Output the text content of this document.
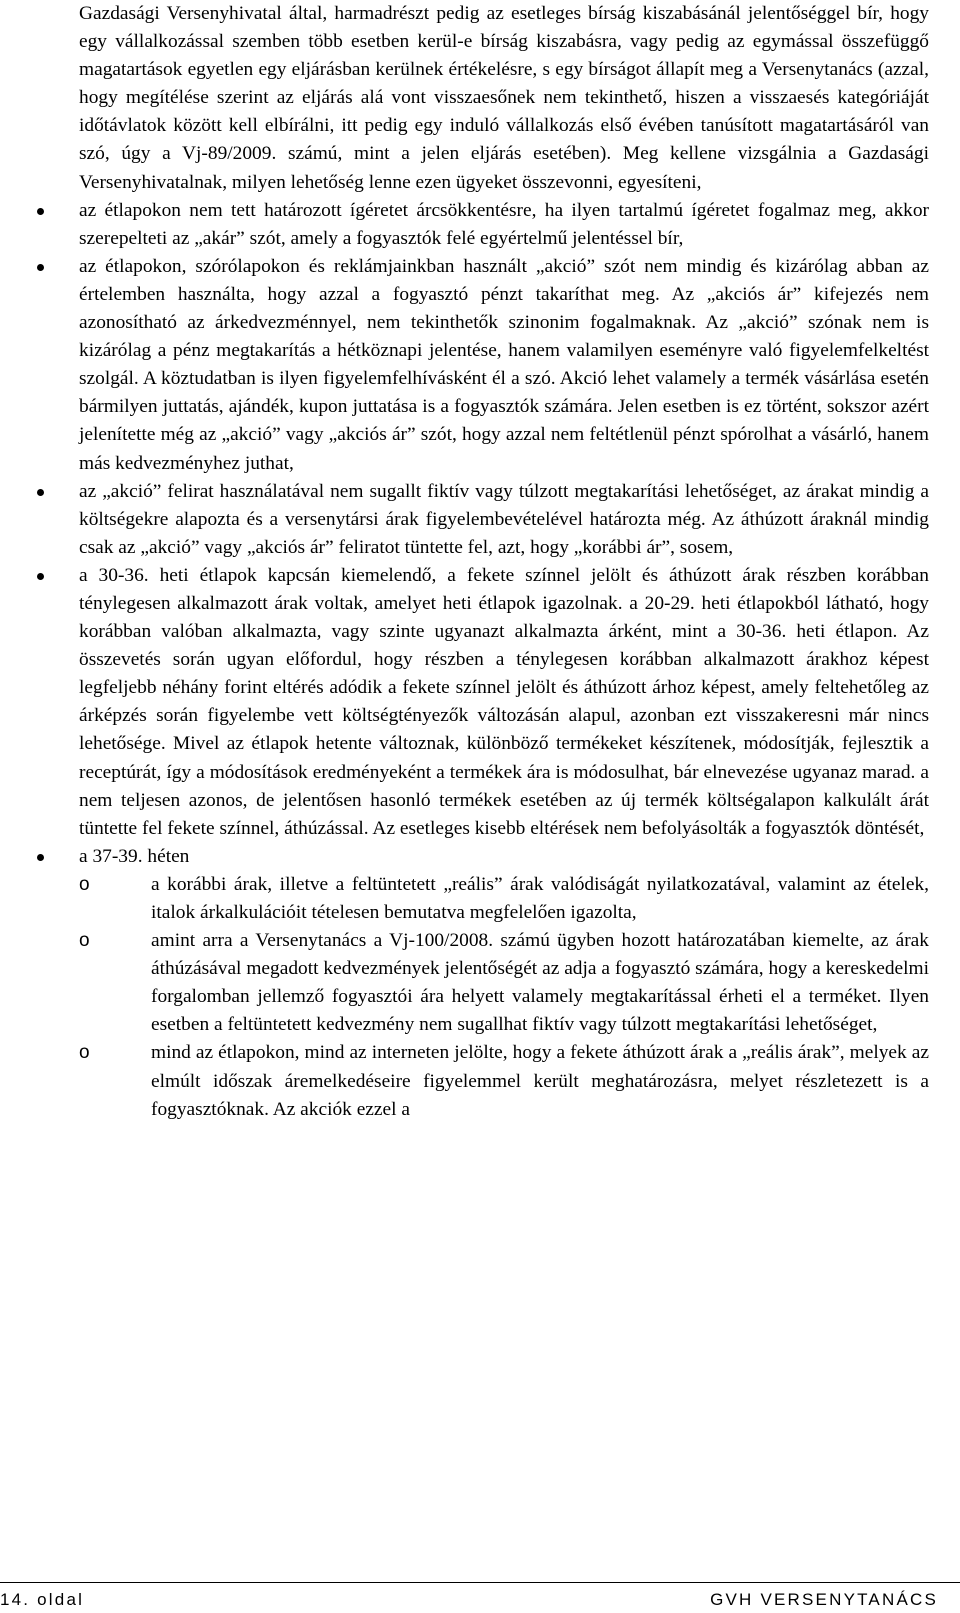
Gazdasági Versenyhivatal által, harmadrészt pedig az esetleges bírság kiszabásánál jelentőséggel bír, hogy egy vállalkozással szemben több esetben kerül-e bírság kiszabásra, vagy pedig az egymással összefüggő magatartások egyetlen egy eljárásban kerülnek értékelésre, s egy bírságot állapít meg a Versenytanács (azzal, hogy megítélése szerint az eljárás alá vont visszaesőnek nem tekinthető, hiszen a visszaesés kategóriáját időtávlatok között kell elbírálni, itt pedig egy induló vállalkozás első évében tanúsított magatartásáról van szó, úgy a Vj-89/2009. számú, mint a jelen eljárás esetében). Meg kellene vizsgálnia a Gazdasági Versenyhivatalnak, milyen lehetőség lenne ezen ügyeket összevonni, egyesíteni,

az étlapokon nem tett határozott ígéretet árcsökkentésre, ha ilyen tartalmú ígéretet fogalmaz meg, akkor szerepelteti az „akár” szót, amely a fogyasztók felé egyértelmű jelentéssel bír,
az étlapokon, szórólapokon és reklámjainkban használt „akció” szót nem mindig és kizárólag abban az értelemben használta, hogy azzal a fogyasztó pénzt takaríthat meg. Az „akciós ár” kifejezés nem azonosítható az árkedvezménnyel, nem tekinthetők szinonim fogalmaknak. Az „akció” szónak nem is kizárólag a pénz megtakarítás a hétköznapi jelentése, hanem valamilyen eseményre való figyelemfelkeltést szolgál. A köztudatban is ilyen figyelemfelhívásként él a szó. Akció lehet valamely a termék vásárlása esetén bármilyen juttatás, ajándék, kupon juttatása is a fogyasztók számára. Jelen esetben is ez történt, sokszor azért jelenítette még az „akció” vagy „akciós ár” szót, hogy azzal nem feltétlenül pénzt spórolhat a vásárló, hanem más kedvezményhez juthat,
az „akció” felirat használatával nem sugallt fiktív vagy túlzott megtakarítási lehetőséget, az árakat mindig a költségekre alapozta és a versenytársi árak figyelembevételével határozta még. Az áthúzott áraknál mindig csak az „akció” vagy „akciós ár” feliratot tüntette fel, azt, hogy „korábbi ár”, sosem,
a 30-36. heti étlapok kapcsán kiemelendő, a fekete színnel jelölt és áthúzott árak részben korábban ténylegesen alkalmazott árak voltak, amelyet heti étlapok igazolnak. a 20-29. heti étlapokból látható, hogy korábban valóban alkalmazta, vagy szinte ugyanazt alkalmazta árként, mint a 30-36. heti étlapon. Az összevetés során ugyan előfordul, hogy részben a ténylegesen korábban alkalmazott árakhoz képest legfeljebb néhány forint eltérés adódik a fekete színnel jelölt és áthúzott árhoz képest, amely feltehetőleg az árképzés során figyelembe vett költségtényezők változásán alapul, azonban ezt visszakeresni már nincs lehetősége. Mivel az étlapok hetente változnak, különböző termékeket készítenek, módosítják, fejlesztik a receptúrát, így a módosítások eredményeként a termékek ára is módosulhat, bár elnevezése ugyanaz marad. a nem teljesen azonos, de jelentősen hasonló termékek esetében az új termék költségalapon kalkulált árát tüntette fel fekete színnel, áthúzással. Az esetleges kisebb eltérések nem befolyásolták a fogyasztók döntését,
a 37-39. héten
o	a korábbi árak, illetve a feltüntetett „reális” árak valódiságát nyilatkozatával, valamint az ételek, italok árkalkulációit tételesen bemutatva megfelelően igazolta,
o	amint arra a Versenytanács a Vj-100/2008. számú ügyben hozott határozatában kiemelte, az árak áthúzásával megadott kedvezmények jelentőségét az adja a fogyasztó számára, hogy a kereskedelmi forgalomban jellemző fogyasztói ára helyett valamely megtakarítással érheti el a terméket. Ilyen esetben a feltüntetett kedvezmény nem sugallhat fiktív vagy túlzott megtakarítási lehetőséget,
o	mind az étlapokon, mind az interneten jelölte, hogy a fekete áthúzott árak a „reális árak”, melyek az elmúlt időszak áremelkedéseire figyelemmel került meghatározásra, melyet részletezett is a fogyasztóknak. Az akciók ezzel a
14. oldal	GVH VERSENYTANÁCS
